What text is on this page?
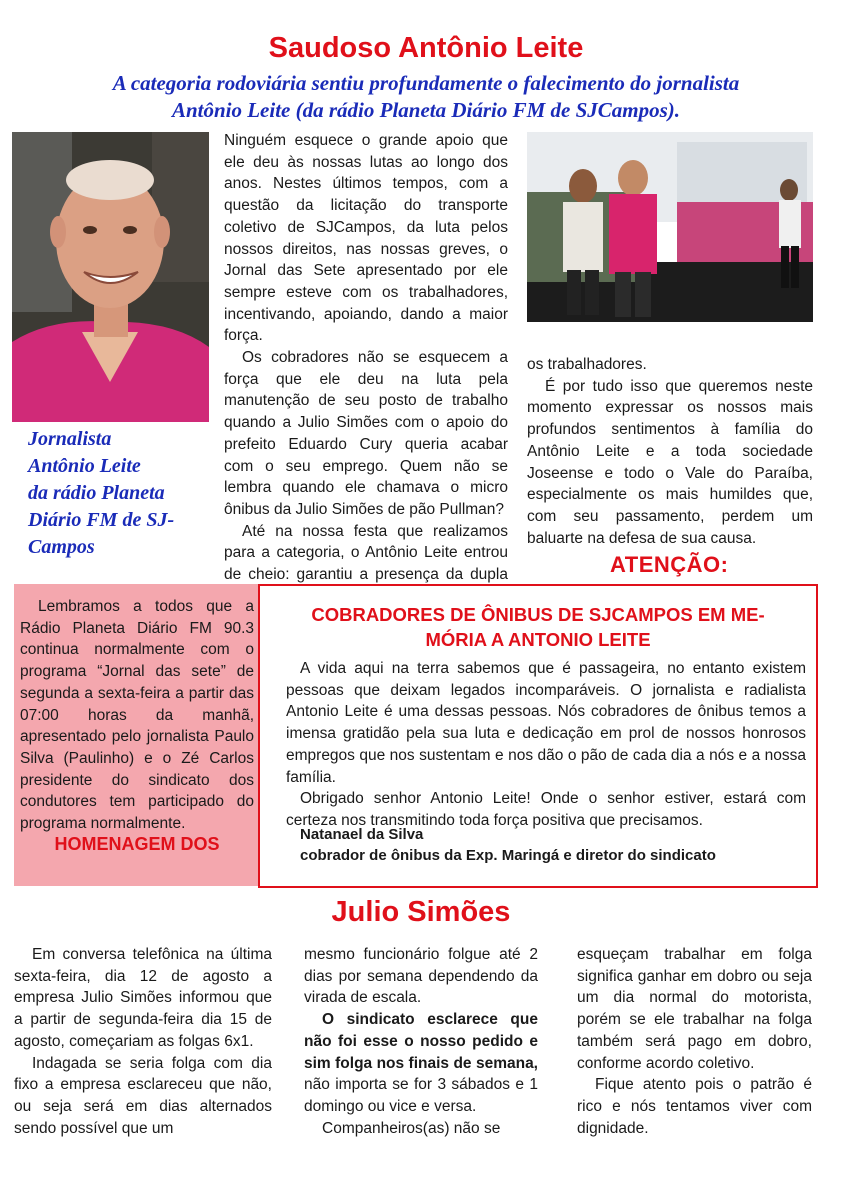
Saudoso Antônio Leite
A categoria rodoviária sentiu profundamente o falecimento do jornalista
Antônio Leite (da rádio Planeta Diário FM de SJCampos).
Jornalista
Antônio Leite
da rádio Planeta
Diário FM de SJ-
Campos

Ninguém esquece o grande apoio que ele deu às nossas lutas ao longo dos anos. Nestes últimos tempos, com a questão da licitação do transporte coletivo de SJCampos, da luta pelos nossos direitos, nas nossas greves, o Jornal das Sete apresentado por ele sempre esteve com os trabalhadores, incentivando, apoiando, dando a maior força.

Os cobradores não se esquecem a força que ele deu na luta pela manutenção de seu posto de trabalho quando a Julio Simões com o apoio do prefeito Eduardo Cury queria acabar com o seu emprego. Quem não se lembra quando ele chamava o micro ônibus da Julio Simões de pão Pullman?

Até na nossa festa que realizamos para a categoria, o Antônio Leite entrou de cheio: garantiu a presença da dupla

os trabalhadores.

É por tudo isso que queremos neste momento expressar os nossos mais profundos sentimentos à família do Antônio Leite e a toda sociedade Joseense e todo o Vale do Paraíba, especialmente os mais humildes que, com seu passamento, perdem um baluarte na defesa de sua causa.

ATENÇÃO:

Lembramos a todos que a Rádio Planeta Diário FM 90.3 continua normalmente com o programa “Jornal das sete” de segunda a sexta-feira a partir das 07:00 horas da manhã, apresentado pelo jornalista Paulo Silva (Paulinho) e o Zé Carlos presidente do sindicato dos condutores tem participado do programa normalmente.

HOMENAGEM DOS
COBRADORES DE ÔNIBUS DE SJCAMPOS EM ME-
MÓRIA A ANTONIO LEITE

A vida aqui na terra sabemos que é passageira, no entanto existem pessoas que deixam legados incomparáveis. O jornalista e radialista Antonio Leite é uma dessas pessoas. Nós cobradores de ônibus temos a imensa gratidão pela sua luta e dedicação em prol de nossos honrosos empregos que nos sustentam e nos dão o pão de cada dia a nós e a nossa família.

Obrigado senhor Antonio Leite! Onde o senhor estiver, estará com certeza nos transmitindo toda força positiva que precisamos.

Natanael da Silva
cobrador de ônibus da Exp. Maringá e diretor do sindicato
Julio Simões

Em conversa telefônica na última sexta-feira, dia 12 de agosto a empresa Julio Simões informou que a partir de segunda-feira dia 15 de agosto, começariam as folgas 6x1.

Indagada se seria folga com dia fixo a empresa esclareceu que não, ou seja será em dias alternados sendo possível que um

mesmo funcionário folgue até 2 dias por semana dependendo da virada de escala.

O sindicato esclarece que não foi esse o nosso pedido e sim folga nos finais de semana, não importa se for 3 sábados e 1 domingo ou vice e versa.

Companheiros(as) não se

esqueçam trabalhar em folga significa ganhar em dobro ou seja um dia normal do motorista, porém se ele trabalhar na folga também será pago em dobro, conforme acordo coletivo.

Fique atento pois o patrão é rico e nós tentamos viver com dignidade.
